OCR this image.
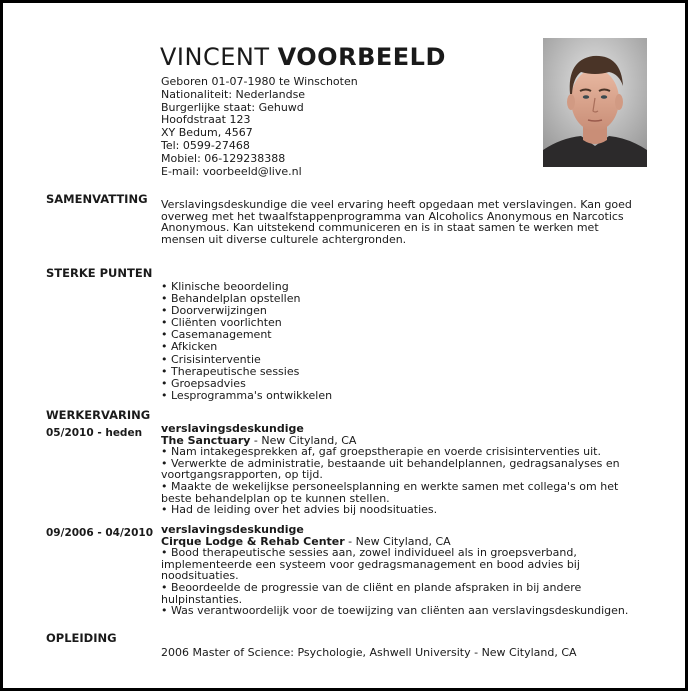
VINCENT VOORBEELD
Geboren 01-07-1980 te Winschoten
Nationaliteit: Nederlandse
Burgerlijke staat: Gehuwd
Hoofdstraat 123
XY Bedum, 4567
Tel: 0599-27468
Mobiel: 06-129238388
E-mail: voorbeeld@live.nl
SAMENVATTING Verslavingsdeskundige die veel ervaring heeft opgedaan met verslavingen. Kan goed overweg met het twaalfstappenprogramma van Alcoholics Anonymous en Narcotics Anonymous. Kan uitstekend communiceren en is in staat samen te werken met mensen uit diverse culturele achtergronden.
STERKE PUNTEN
• Klinische beoordeling
• Behandelplan opstellen
• Doorverwijzingen
• Cliënten voorlichten
• Casemanagement
• Afkicken
• Crisisinterventie
• Therapeutische sessies
• Groepsadvies
• Lesprogramma's ontwikkelen
WERKERVARING
05/2010 - heden verslavingsdeskundige
The Sanctuary - New Cityland, CA
• Nam intakegesprekken af, gaf groepstherapie en voerde crisisinterventies uit.
• Verwerkte de administratie, bestaande uit behandelplannen, gedragsanalyses en voortgangsrapporten, op tijd.
• Maakte de wekelijkse personeelsplanning en werkte samen met collega's om het beste behandelplan op te kunnen stellen.
• Had de leiding over het advies bij noodsituaties.
09/2006 - 04/2010 verslavingsdeskundige
Cirque Lodge & Rehab Center - New Cityland, CA
• Bood therapeutische sessies aan, zowel individueel als in groepsverband, implementeerde een systeem voor gedragsmanagement en bood advies bij noodsituaties.
• Beoordeelde de progressie van de cliënt en plande afspraken in bij andere hulpinstanties.
• Was verantwoordelijk voor de toewijzing van cliënten aan verslavingsdeskundigen.
OPLEIDING
2006 Master of Science: Psychologie, Ashwell University - New Cityland, CA
